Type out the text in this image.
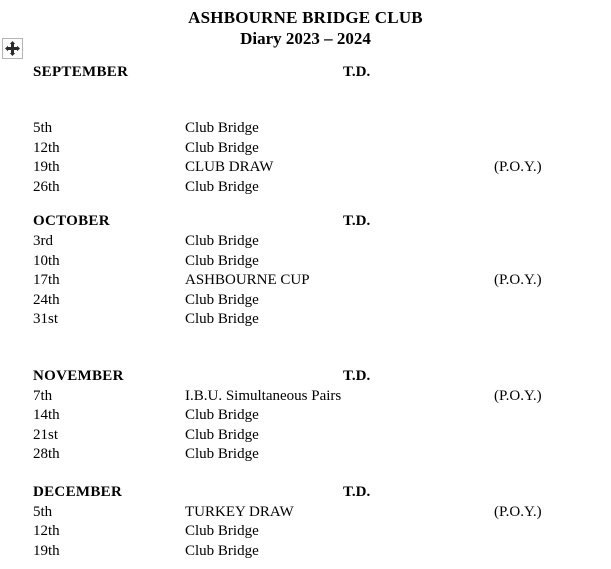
ASHBOURNE BRIDGE CLUB
Diary 2023 – 2024
SEPTEMBER	T.D.
5th	Club Bridge
12th	Club Bridge
19th	CLUB DRAW	(P.O.Y.)
26th	Club Bridge
OCTOBER	T.D.
3rd	Club Bridge
10th	Club Bridge
17th	ASHBOURNE CUP	(P.O.Y.)
24th	Club Bridge
31st	Club Bridge
NOVEMBER	T.D.
7th	I.B.U. Simultaneous Pairs	(P.O.Y.)
14th	Club Bridge
21st	Club Bridge
28th	Club Bridge
DECEMBER	T.D.
5th	TURKEY DRAW	(P.O.Y.)
12th	Club Bridge
19th	Club Bridge
